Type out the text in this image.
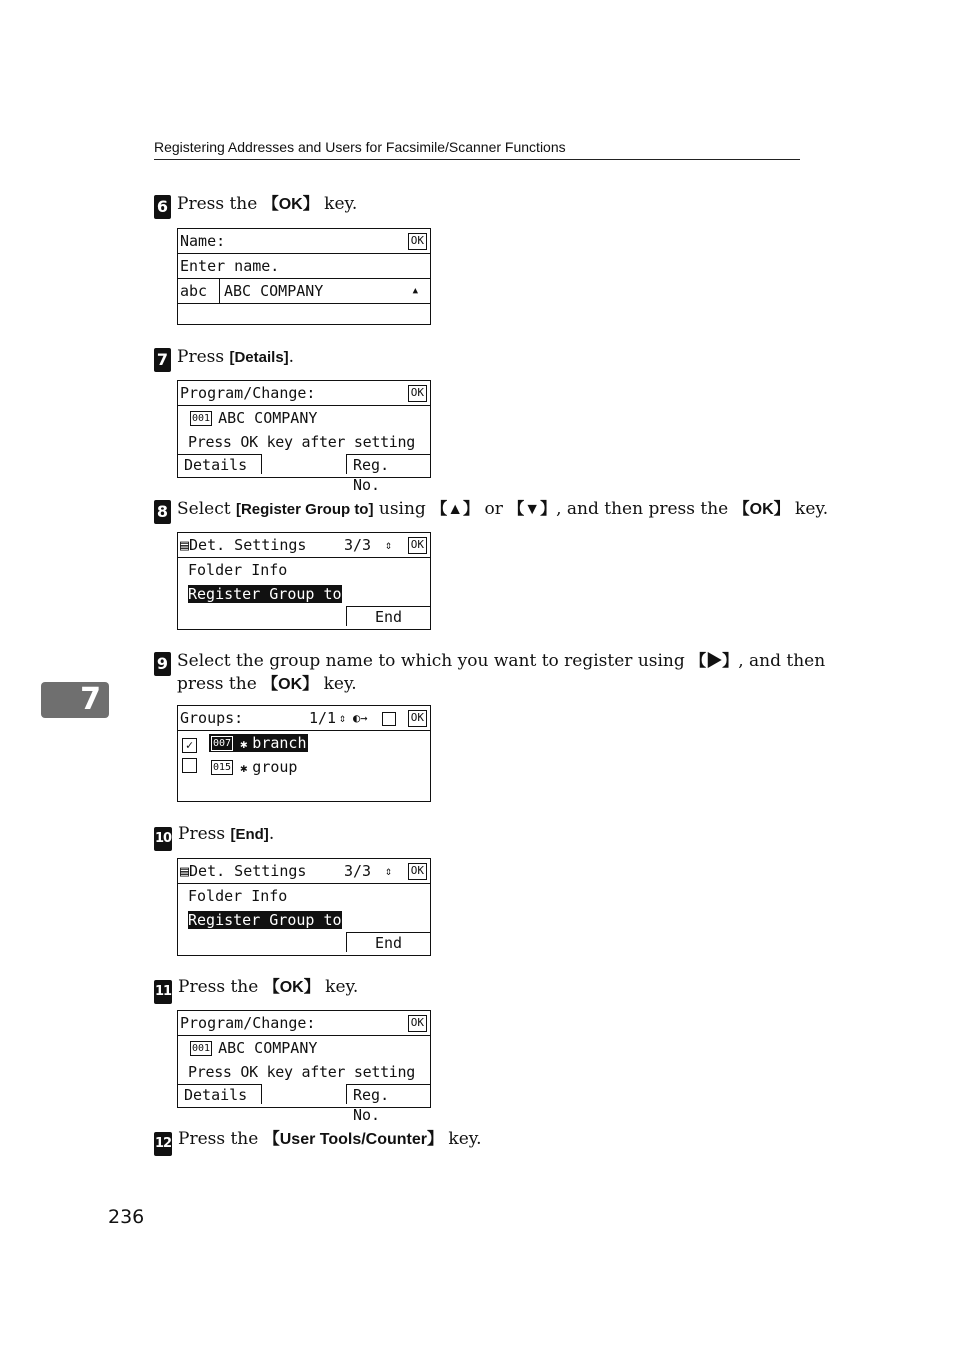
Registering Addresses and Users for Facsimile/Scanner Functions
6 Press the 【OK】 key.
Name:	OK
Enter name.
abc ABC COMPANY	▲
7 Press [Details].
Program/Change:	OK
001 ABC COMPANY
Press OK key after setting
Details	Reg. No.
8 Select [Register Group to] using 【▲】 or 【▼】, and then press the 【OK】 key.
▤Det. Settings	3/3 ⇕ OK
Folder Info
Register Group to
End
9 Select the group name to which you want to register using 【▶】, and then
press the 【OK】 key.
Groups:	1/1 ⇕ ◐→	OK
✓ 007 ✱ branch
015 ✱ group
10 Press [End].
▤Det. Settings	3/3 ⇕ OK
Folder Info
Register Group to
End
11 Press the 【OK】 key.
Program/Change:	OK
001 ABC COMPANY
Press OK key after setting
Details	Reg. No.
12 Press the 【User Tools/Counter】 key.
7
236
